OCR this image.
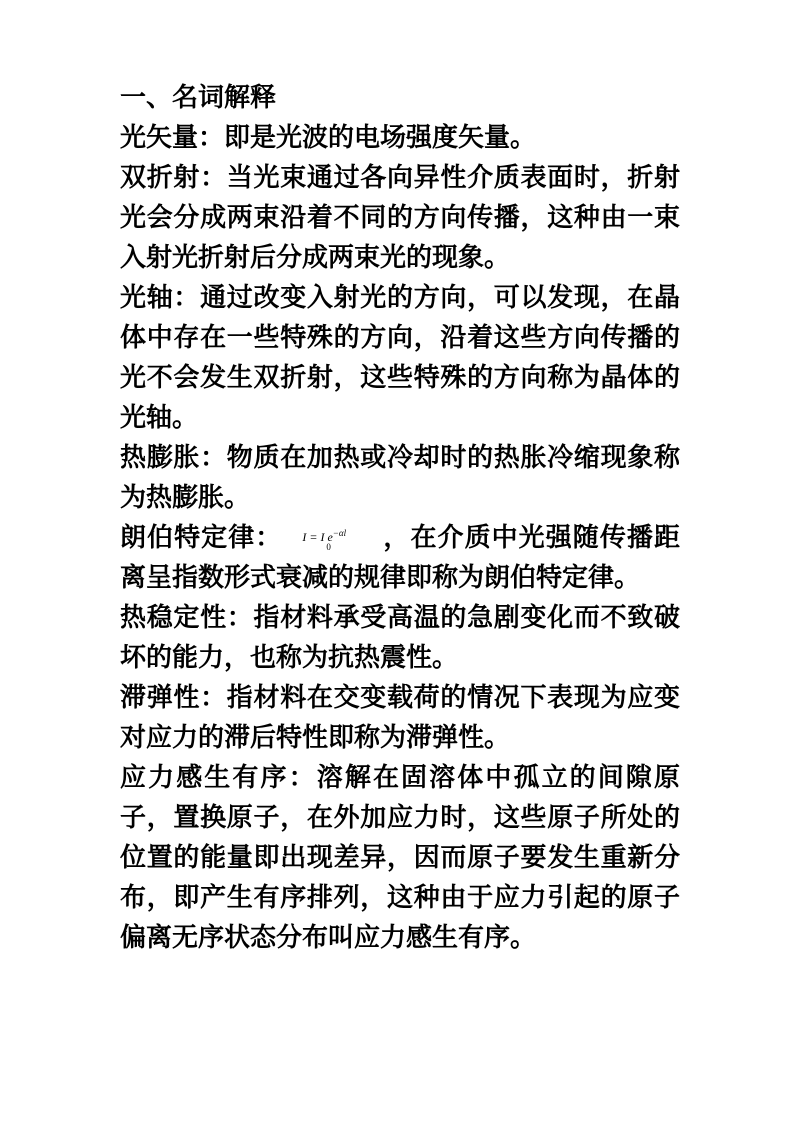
一、名词解释

光矢量：即是光波的电场强度矢量。

双折射：当光束通过各向异性介质表面时，折射光会分成两束沿着不同的方向传播，这种由一束入射光折射后分成两束光的现象。

光轴：通过改变入射光的方向，可以发现，在晶体中存在一些特殊的方向，沿着这些方向传播的光不会发生双折射，这些特殊的方向称为晶体的光轴。

热膨胀：物质在加热或冷却时的热胀冷缩现象称为热膨胀。

朗伯特定律： I = I $e^{-\alpha l}$
0 ，在介质中光强随传播距离呈指数形式衰减的规律即称为朗伯特定律。

热稳定性：指材料承受高温的急剧变化而不致破坏的能力，也称为抗热震性。

滞弹性：指材料在交变载荷的情况下表现为应变对应力的滞后特性即称为滞弹性。

应力感生有序：溶解在固溶体中孤立的间隙原子，置换原子，在外加应力时，这些原子所处的位置的能量即出现差异，因而原子要发生重新分布，即产生有序排列，这种由于应力引起的原子偏离无序状态分布叫应力感生有序。
